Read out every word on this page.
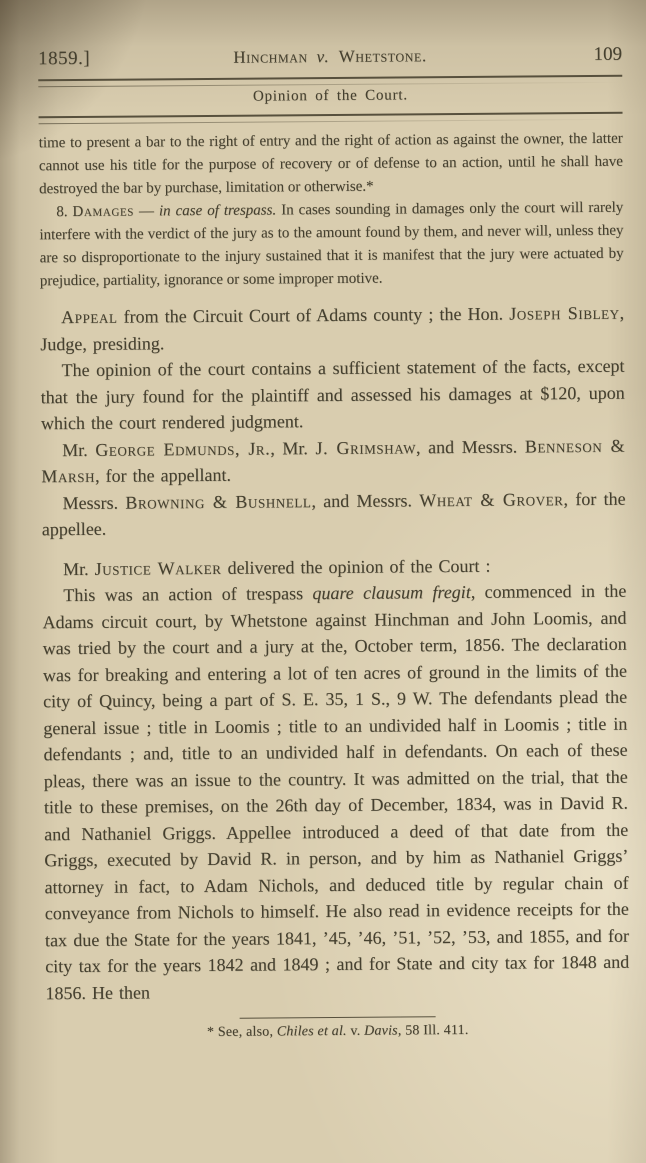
1859.]	Hinchman v. Whetstone.	109
Opinion of the Court.

time to present a bar to the right of entry and the right of action as against the owner, the latter cannot use his title for the purpose of recovery or of defense to an action, until he shall have destroyed the bar by purchase, limitation or otherwise.*

8. Damages — in case of trespass. In cases sounding in damages only the court will rarely interfere with the verdict of the jury as to the amount found by them, and never will, unless they are so disproportionate to the injury sustained that it is manifest that the jury were actuated by prejudice, partiality, ignorance or some improper motive.

Appeal from the Circuit Court of Adams county ; the Hon. Joseph Sibley, Judge, presiding.

The opinion of the court contains a sufficient statement of the facts, except that the jury found for the plaintiff and assessed his damages at $120, upon which the court rendered judgment.

Mr. George Edmunds, Jr., Mr. J. Grimshaw, and Messrs. Benneson & Marsh, for the appellant.

Messrs. Browning & Bushnell, and Messrs. Wheat & Grover, for the appellee.

Mr. Justice Walker delivered the opinion of the Court :

This was an action of trespass quare clausum fregit, commenced in the Adams circuit court, by Whetstone against Hinchman and John Loomis, and was tried by the court and a jury at the, October term, 1856. The declaration was for breaking and entering a lot of ten acres of ground in the limits of the city of Quincy, being a part of S. E. 35, 1 S., 9 W. The defendants plead the general issue ; title in Loomis ; title to an undivided half in Loomis ; title in defendants ; and, title to an undivided half in defendants. On each of these pleas, there was an issue to the country. It was admitted on the trial, that the title to these premises, on the 26th day of December, 1834, was in David R. and Nathaniel Griggs. Appellee introduced a deed of that date from the Griggs, executed by David R. in person, and by him as Nathaniel Griggs’ attorney in fact, to Adam Nichols, and deduced title by regular chain of conveyance from Nichols to himself. He also read in evidence receipts for the tax due the State for the years 1841, ’45, ’46, ’51, ’52, ’53, and 1855, and for city tax for the years 1842 and 1849 ; and for State and city tax for 1848 and 1856. He then

* See, also, Chiles et al. v. Davis, 58 Ill. 411.
